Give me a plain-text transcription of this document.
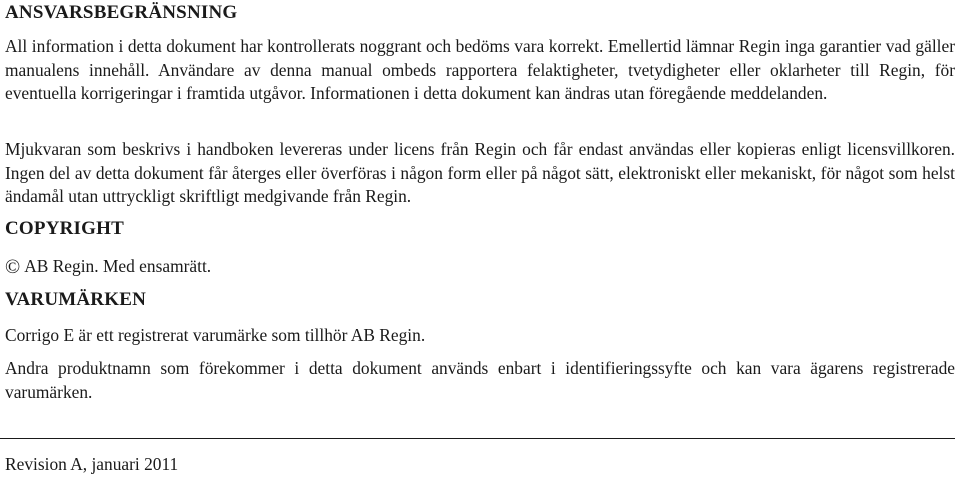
ANSVARSBEGRÄNSNING
All information i detta dokument har kontrollerats noggrant och bedöms vara korrekt. Emellertid lämnar Regin inga garantier vad gäller manualens innehåll. Användare av denna manual ombeds rapportera felaktigheter, tvetydigheter eller oklarheter till Regin, för eventuella korrigeringar i framtida utgåvor. Informationen i detta dokument kan ändras utan föregående meddelanden.
Mjukvaran som beskrivs i handboken levereras under licens från Regin och får endast användas eller kopieras enligt licensvillkoren. Ingen del av detta dokument får återges eller överföras i någon form eller på något sätt, elektroniskt eller mekaniskt, för något som helst ändamål utan uttryckligt skriftligt medgivande från Regin.
COPYRIGHT
© AB Regin. Med ensamrätt.
VARUMÄRKEN
Corrigo E är ett registrerat varumärke som tillhör AB Regin.
Andra produktnamn som förekommer i detta dokument används enbart i identifieringssyfte och kan vara ägarens registrerade varumärken.
Revision A, januari 2011
